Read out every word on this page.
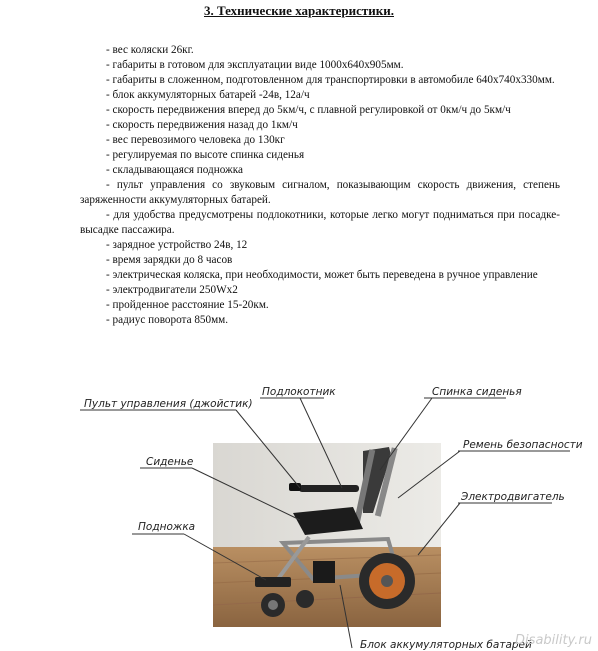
3. Технические характеристики.

- вес коляски 26кг.

- габариты в готовом для эксплуатации виде 1000х640х905мм.

- габариты в сложенном, подготовленном для транспортировки в автомобиле 640х740х330мм.

- блок аккумуляторных батарей -24в, 12а/ч

- скорость передвижения вперед до 5км/ч, с плавной регулировкой от 0км/ч до 5км/ч

- скорость передвижения назад до 1км/ч

- вес перевозимого человека до 130кг

- регулируемая по высоте спинка сиденья

- складывающаяся подножка

- пульт управления со звуковым сигналом, показывающим скорость движения, степень заряженности аккумуляторных батарей.

- для удобства предусмотрены подлокотники, которые легко могут подниматься при посадке- высадке пассажира.

- зарядное устройство 24в, 12

- время зарядки до 8 часов

- электрическая коляска, при необходимости, может быть переведена в ручное управление

- электродвигатели 250Wx2

- пройденное расстояние 15-20км.

- радиус поворота 850мм.

Пульт управления (джойстик)
Подлокотник	Спинка сиденья
Ремень безопасности
Сиденье
Электродвигатель
Подножка
Блок аккумуляторных батарей
Disability.ru
